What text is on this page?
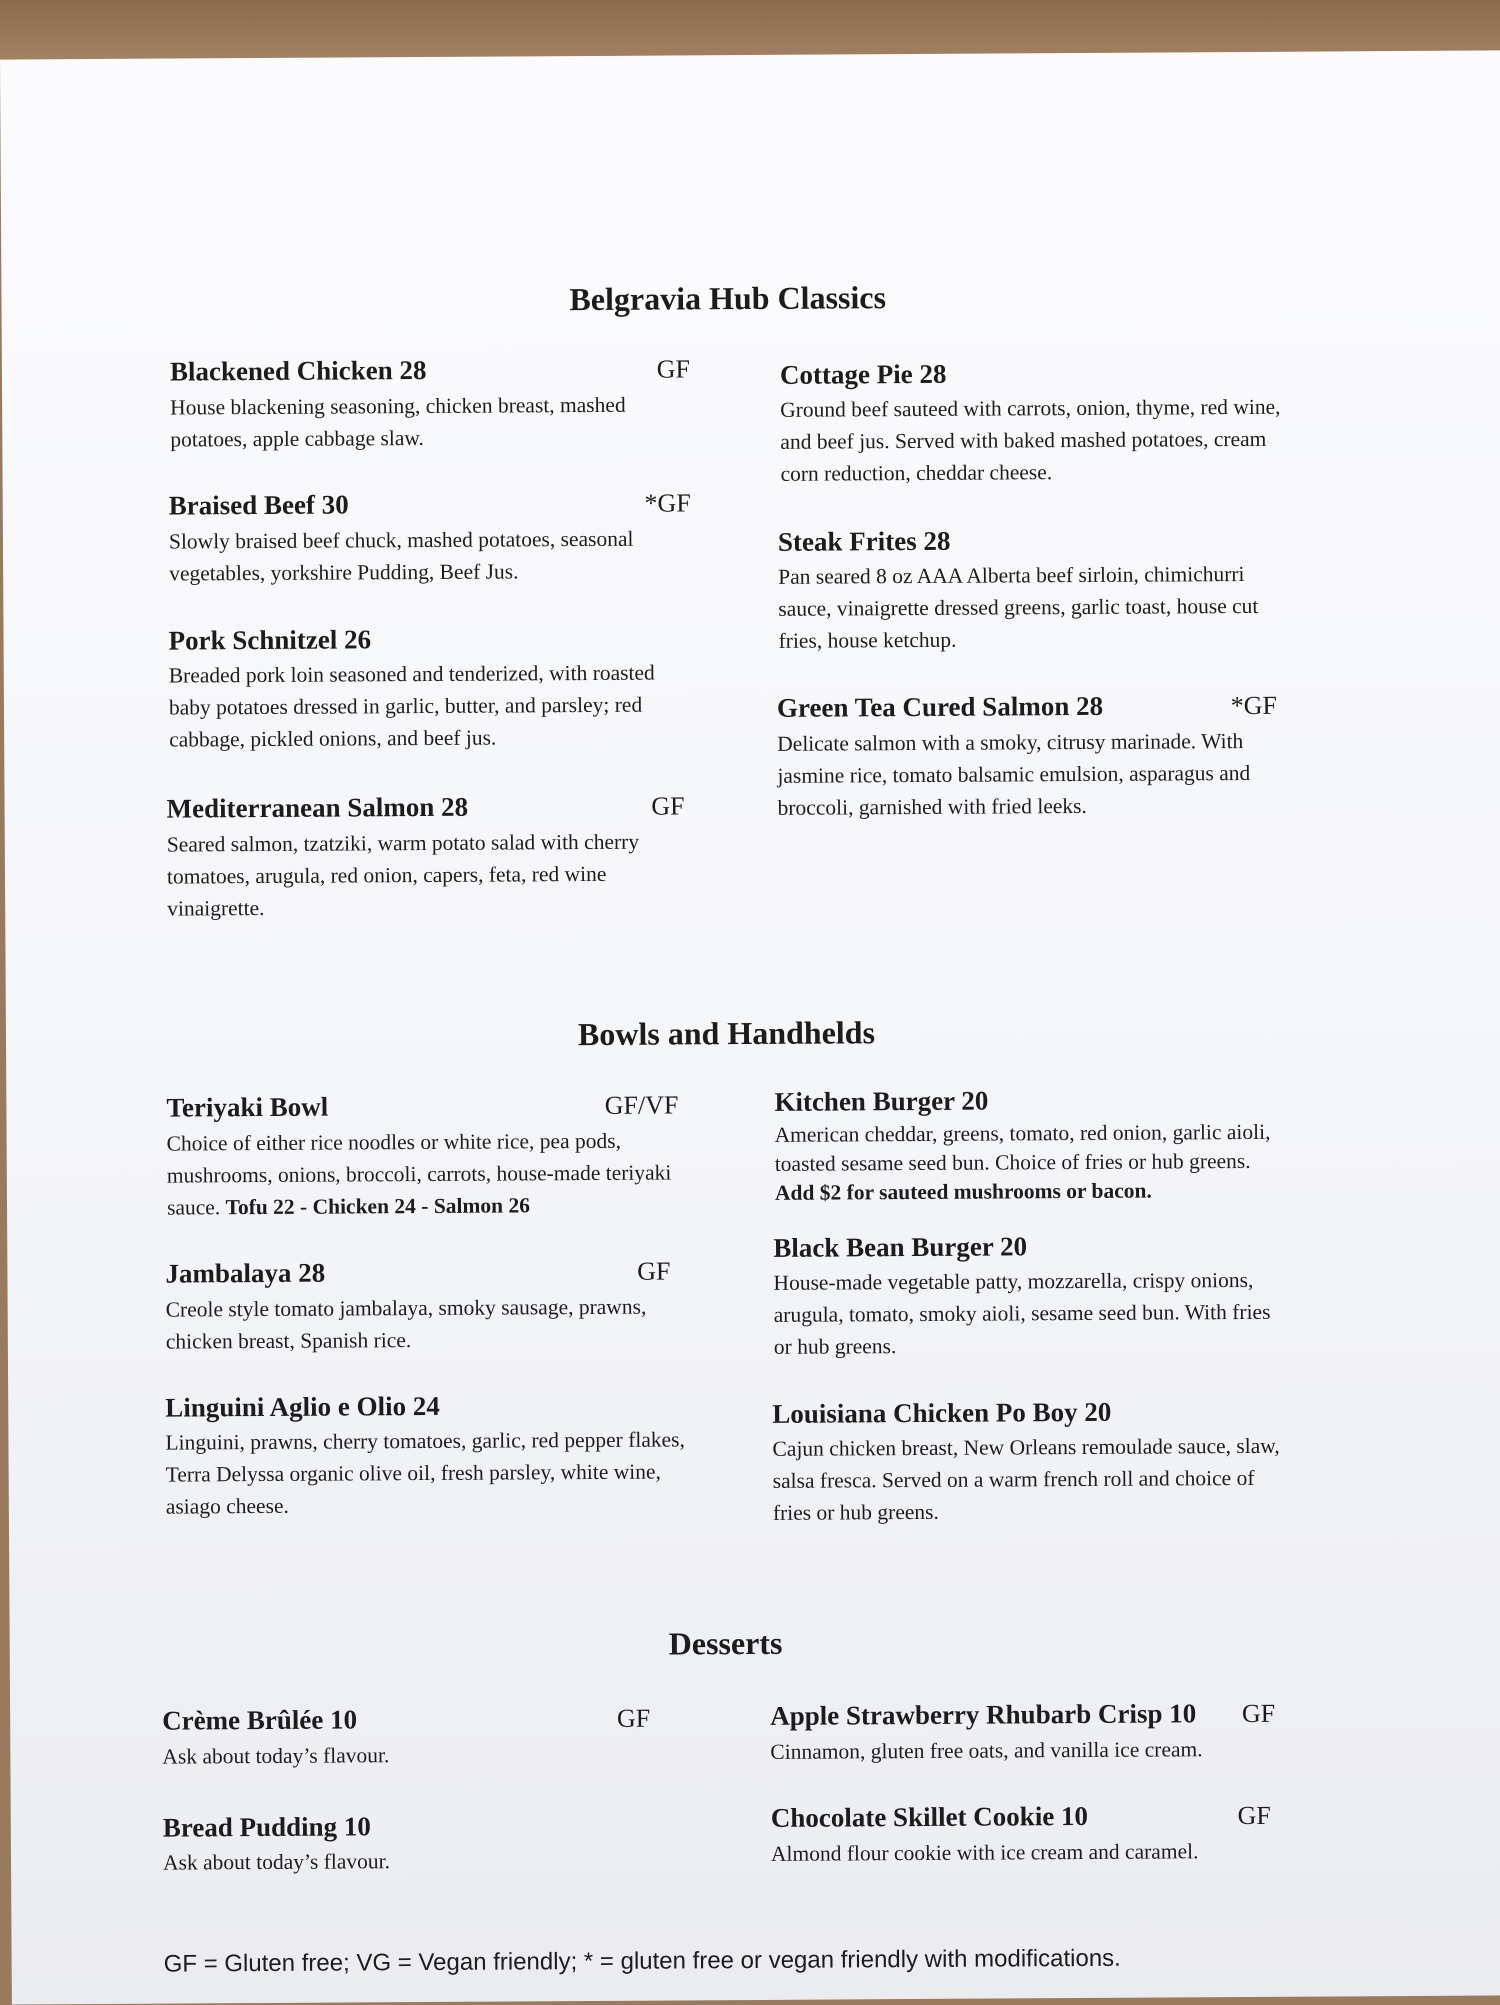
Belgravia Hub Classics
Blackened Chicken 28	GF
House blackening seasoning, chicken breast, mashed potatoes, apple cabbage slaw.
Braised Beef 30	*GF
Slowly braised beef chuck, mashed potatoes, seasonal vegetables, yorkshire Pudding, Beef Jus.
Pork Schnitzel 26
Breaded pork loin seasoned and tenderized, with roasted baby potatoes dressed in garlic, butter, and parsley; red cabbage, pickled onions, and beef jus.
Mediterranean Salmon 28	GF
Seared salmon, tzatziki, warm potato salad with cherry tomatoes, arugula, red onion, capers, feta, red wine vinaigrette.
Cottage Pie 28
Ground beef sauteed with carrots, onion, thyme, red wine, and beef jus. Served with baked mashed potatoes, cream corn reduction, cheddar cheese.
Steak Frites 28
Pan seared 8 oz AAA Alberta beef sirloin, chimichurri sauce, vinaigrette dressed greens, garlic toast, house cut fries, house ketchup.
Green Tea Cured Salmon 28	*GF
Delicate salmon with a smoky, citrusy marinade. With jasmine rice, tomato balsamic emulsion, asparagus and broccoli, garnished with fried leeks.
Bowls and Handhelds
Teriyaki Bowl	GF/VF
Choice of either rice noodles or white rice, pea pods, mushrooms, onions, broccoli, carrots, house-made teriyaki sauce. Tofu 22 - Chicken 24 - Salmon 26
Jambalaya 28	GF
Creole style tomato jambalaya, smoky sausage, prawns, chicken breast, Spanish rice.
Linguini Aglio e Olio 24
Linguini, prawns, cherry tomatoes, garlic, red pepper flakes, Terra Delyssa organic olive oil, fresh parsley, white wine, asiago cheese.
Kitchen Burger 20
American cheddar, greens, tomato, red onion, garlic aioli, toasted sesame seed bun. Choice of fries or hub greens. Add $2 for sauteed mushrooms or bacon.
Black Bean Burger 20
House-made vegetable patty, mozzarella, crispy onions, arugula, tomato, smoky aioli, sesame seed bun. With fries or hub greens.
Louisiana Chicken Po Boy 20
Cajun chicken breast, New Orleans remoulade sauce, slaw, salsa fresca. Served on a warm french roll and choice of fries or hub greens.
Desserts
Crème Brûlée 10	GF
Ask about today’s flavour.
Bread Pudding 10
Ask about today’s flavour.
Apple Strawberry Rhubarb Crisp 10 GF
Cinnamon, gluten free oats, and vanilla ice cream.
Chocolate Skillet Cookie 10	GF
Almond flour cookie with ice cream and caramel.
GF = Gluten free; VG = Vegan friendly; * = gluten free or vegan friendly with modifications.
